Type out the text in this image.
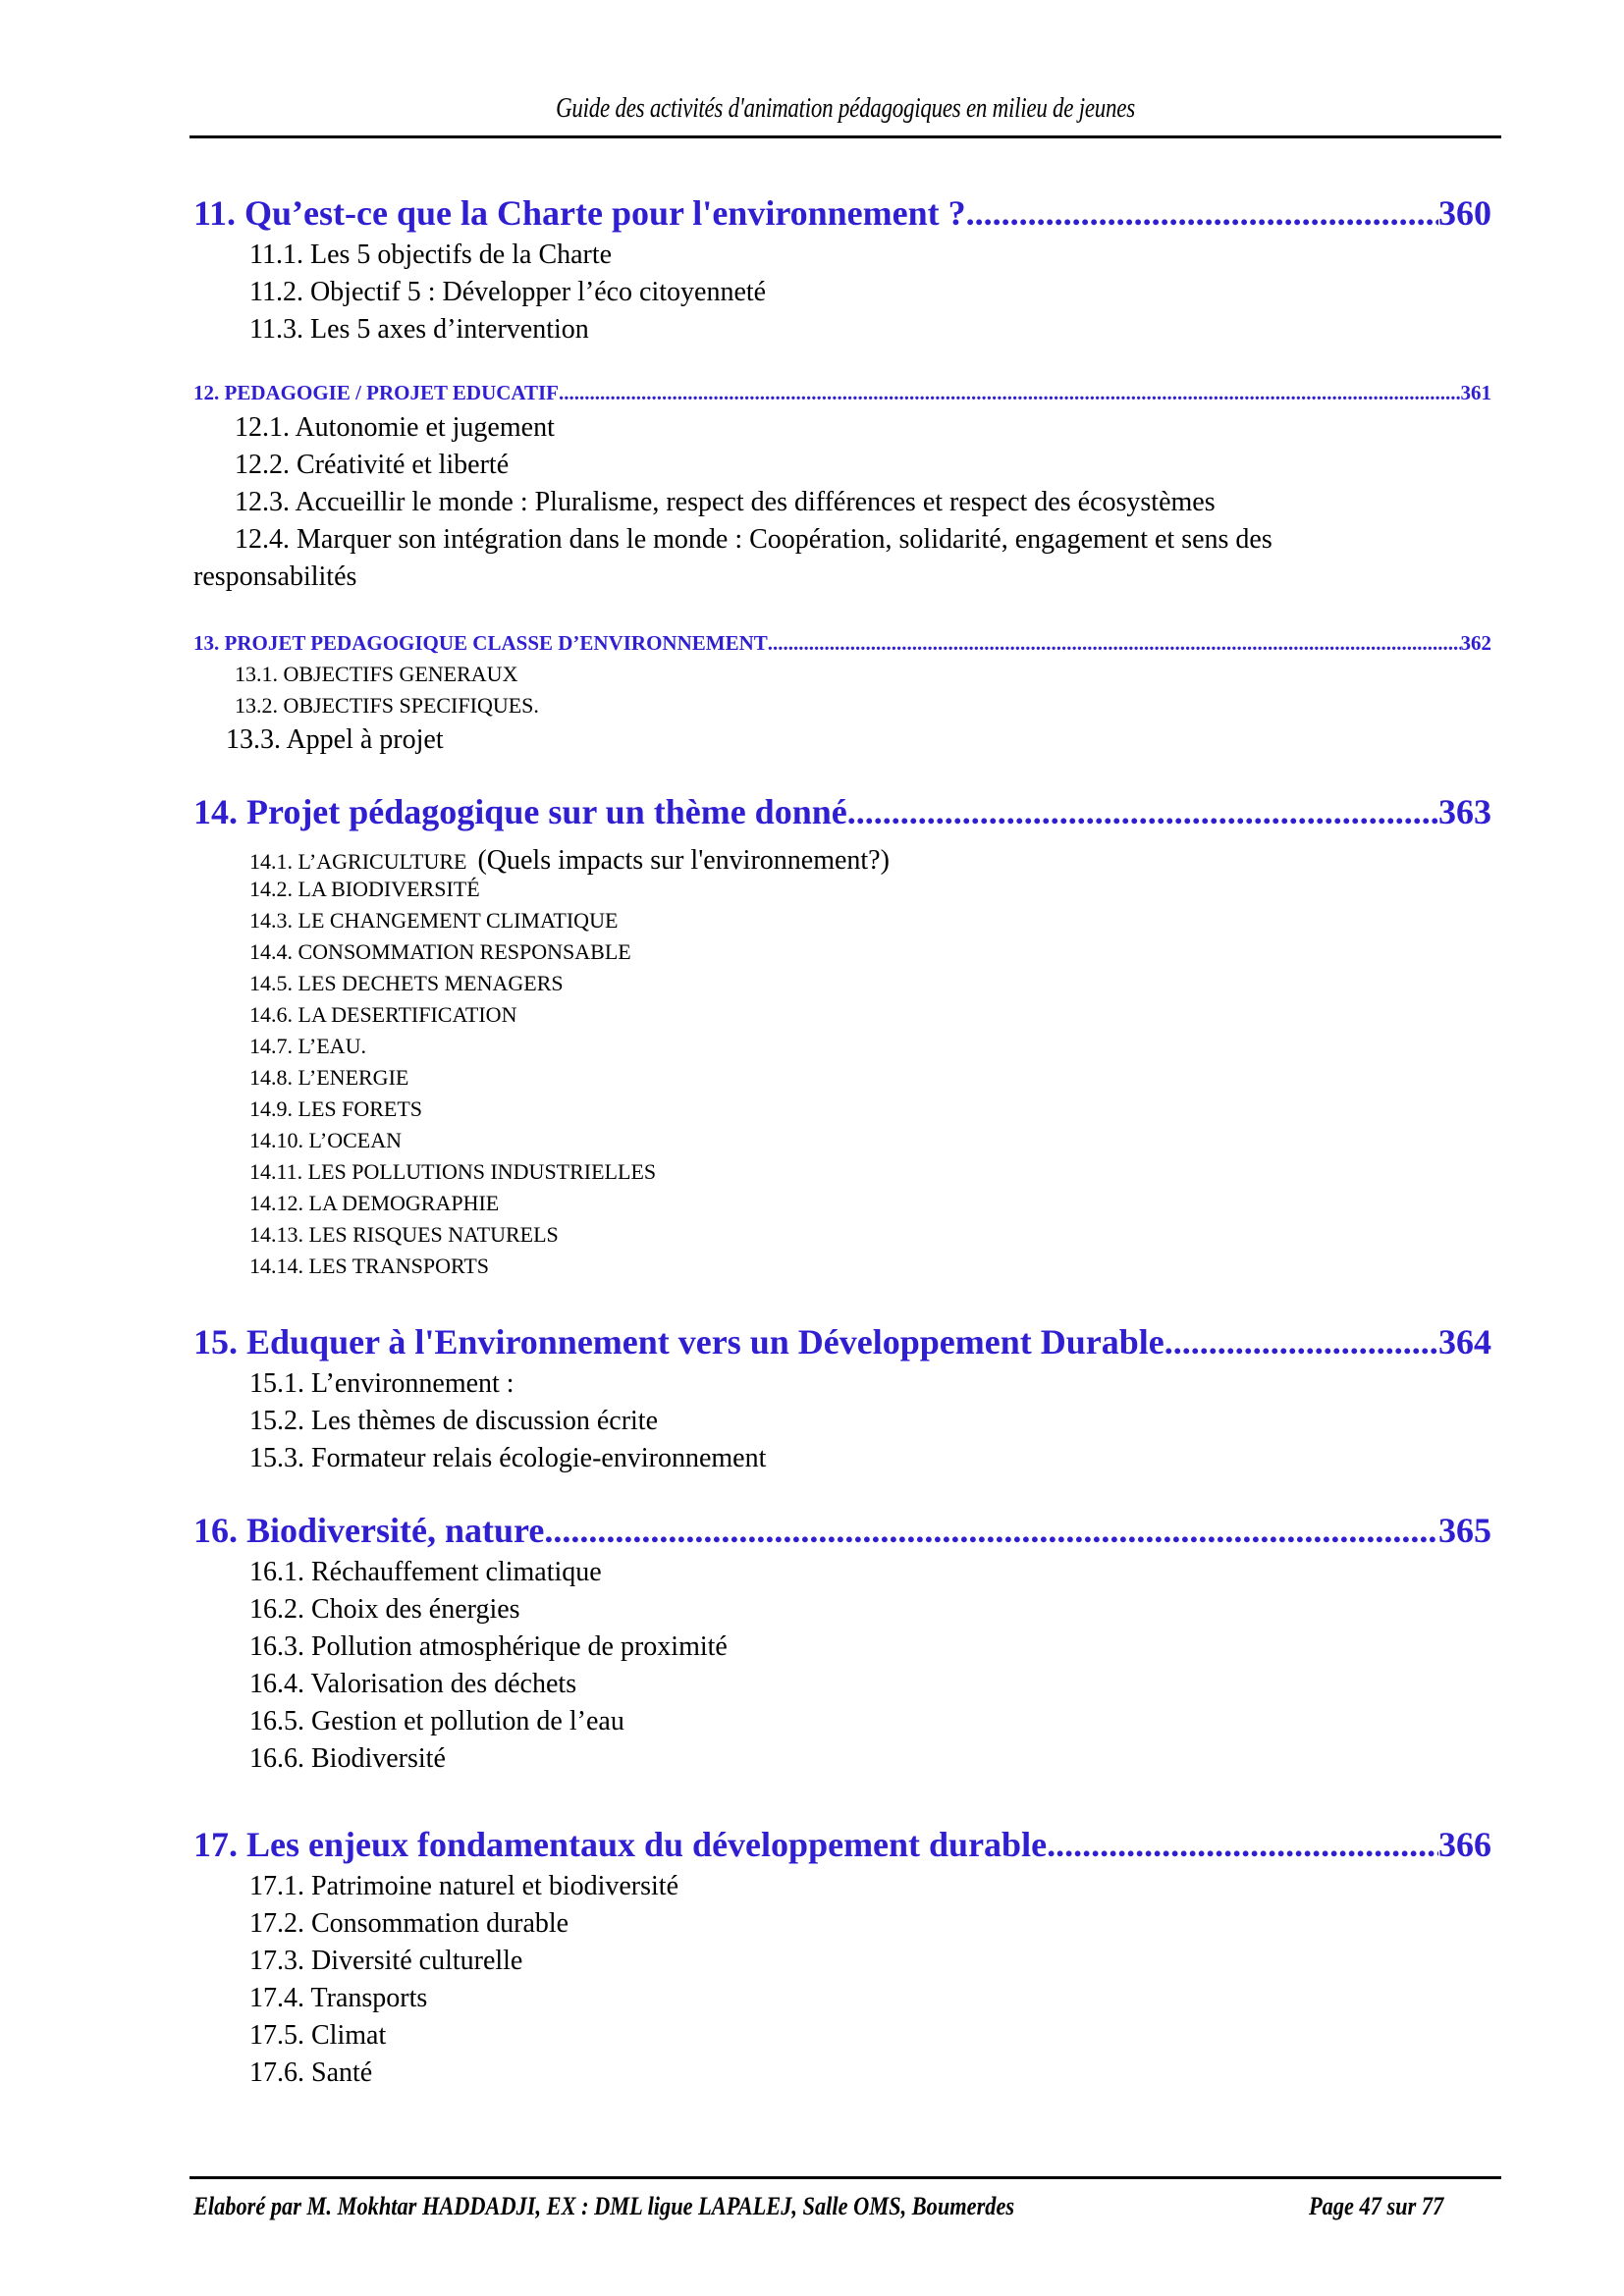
Guide des activités d'animation pédagogiques en milieu de jeunes
11. Qu’est-ce que la Charte pour l'environnement ? .....	360
11.1. Les 5 objectifs de la Charte
11.2. Objectif 5 : Développer l’éco citoyenneté
11.3. Les 5 axes d’intervention
12. PEDAGOGIE / PROJET EDUCATIF .....	361
12.1. Autonomie et jugement
12.2. Créativité et liberté
12.3. Accueillir le monde : Pluralisme, respect des différences et respect des écosystèmes
12.4. Marquer son intégration dans le monde : Coopération, solidarité, engagement et sens des
responsabilités
13. PROJET PEDAGOGIQUE CLASSE D’ENVIRONNEMENT .....	362
13.1. OBJECTIFS GENERAUX
13.2. OBJECTIFS SPECIFIQUES.
13.3. Appel à projet
14. Projet pédagogique sur un thème donné .....	363
14.1. L’AGRICULTURE (Quels impacts sur l'environnement?)
14.2. LA BIODIVERSITÉ
14.3. LE CHANGEMENT CLIMATIQUE
14.4. CONSOMMATION RESPONSABLE
14.5. LES DECHETS MENAGERS
14.6. LA DESERTIFICATION
14.7. L’EAU.
14.8. L’ENERGIE
14.9. LES FORETS
14.10. L’OCEAN
14.11. LES POLLUTIONS INDUSTRIELLES
14.12. LA DEMOGRAPHIE
14.13. LES RISQUES NATURELS
14.14. LES TRANSPORTS
15. Eduquer à l'Environnement vers un Développement Durable .....	364
15.1. L’environnement :
15.2. Les thèmes de discussion écrite
15.3. Formateur relais écologie-environnement
16. Biodiversité, nature .....	365
16.1. Réchauffement climatique
16.2. Choix des énergies
16.3. Pollution atmosphérique de proximité
16.4. Valorisation des déchets
16.5. Gestion et pollution de l’eau
16.6. Biodiversité
17. Les enjeux fondamentaux du développement durable .....	366
17.1. Patrimoine naturel et biodiversité
17.2. Consommation durable
17.3. Diversité culturelle
17.4. Transports
17.5. Climat
17.6. Santé
Elaboré par M. Mokhtar HADDADJI, EX : DML ligue LAPALEJ, Salle OMS, Boumerdes	Page 47 sur 77
